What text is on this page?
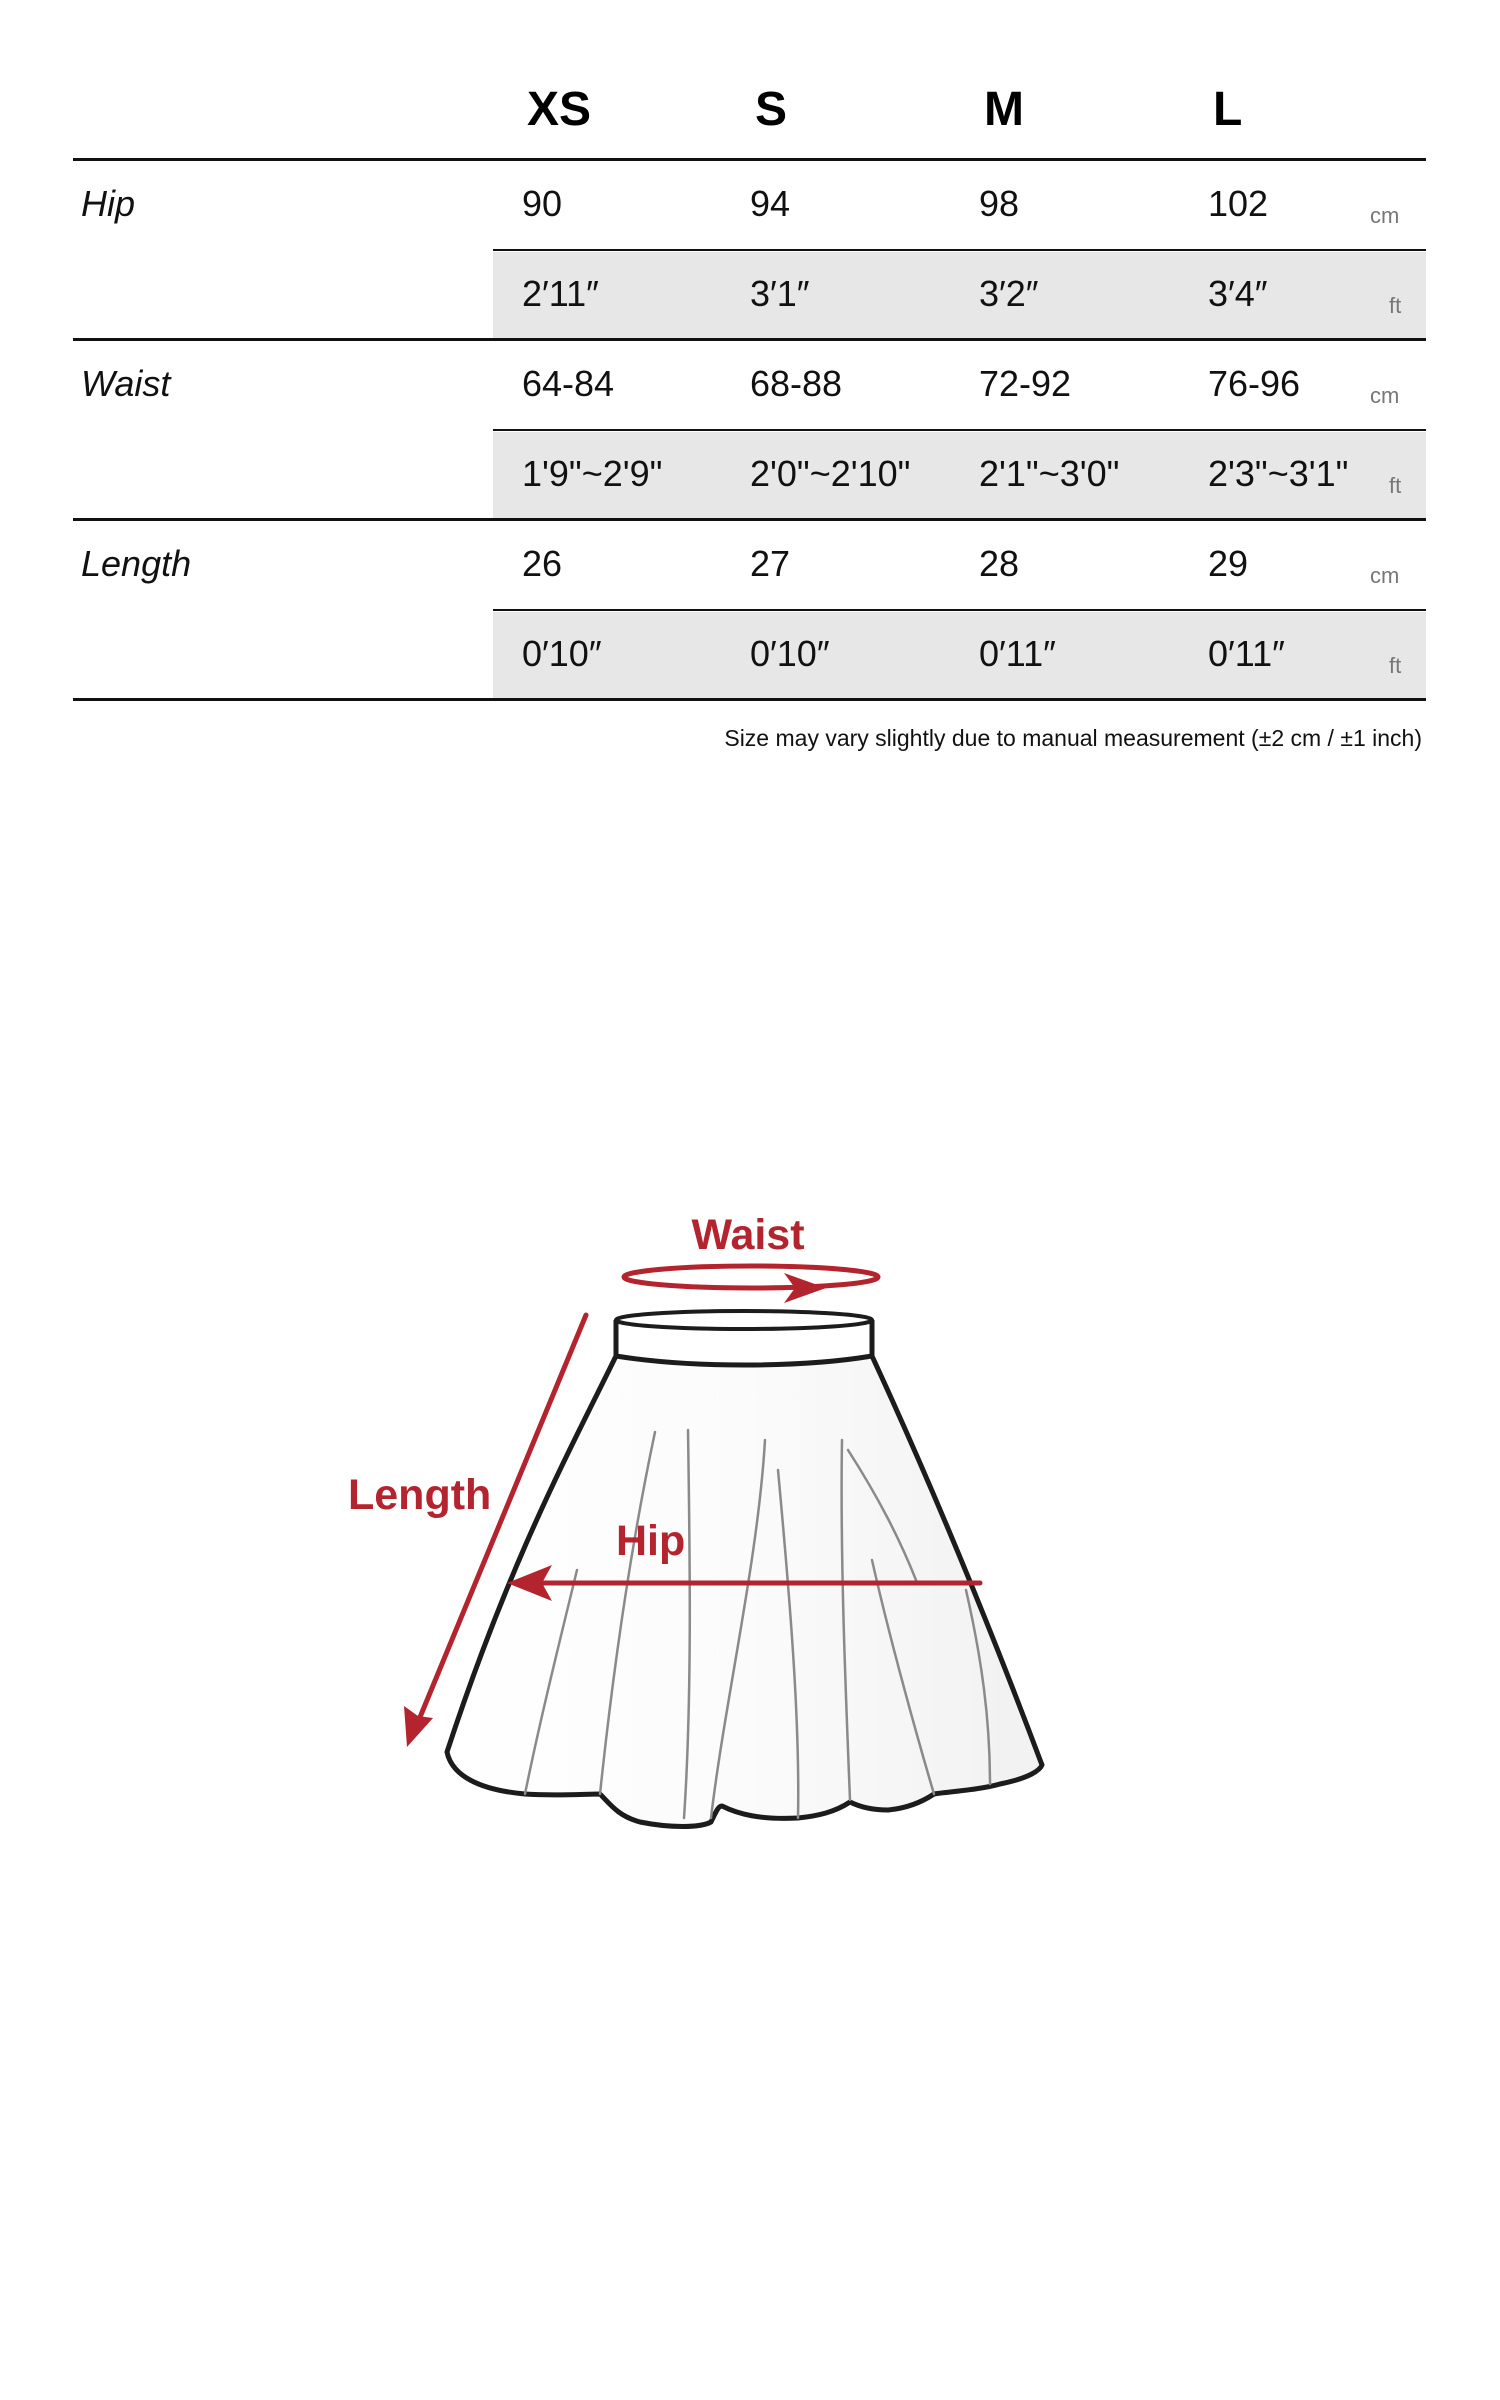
XS	S	M	L
Hip	90	94	98	102	cm
2′11″	3′1″	3′2″	3′4″	ft
Waist	64-84	68-88	72-92	76-96	cm
1'9"~2'9" 2'0"~2'10" 2'1"~3'0" 2'3"~3'1" ft
Length	26	27	28	29	cm
0′10″	0′10″	0′11″	0′11″	ft
Size may vary slightly due to manual measurement (±2 cm / ±1 inch)
Waist
Length
Hip
